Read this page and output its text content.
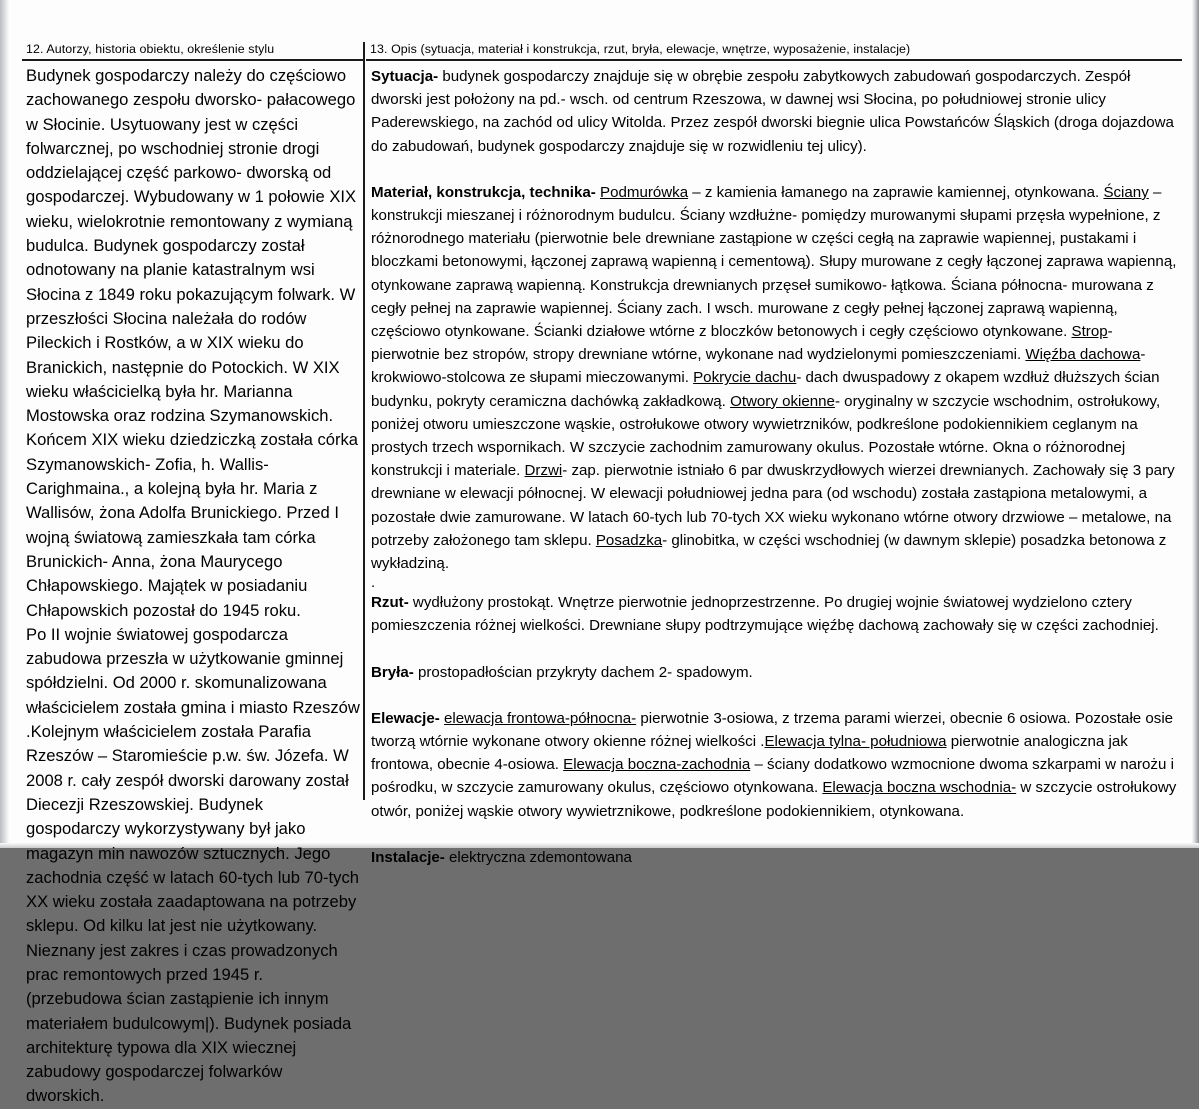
12. Autorzy, historia obiektu, określenie stylu

Budynek gospodarczy należy do częściowo zachowanego zespołu dworsko- pałacowego w Słocinie. Usytuowany jest w części folwarcznej, po wschodniej stronie drogi oddzielającej część parkowo- dworską od gospodarczej. Wybudowany w 1 połowie XIX wieku, wielokrotnie remontowany z wymianą budulca. Budynek gospodarczy został odnotowany na planie katastralnym wsi Słocina z 1849 roku pokazującym folwark. W przeszłości Słocina należała do rodów Pileckich i Rostków, a w XIX wieku do Branickich, następnie do Potockich. W XIX wieku właścicielką była hr. Marianna Mostowska oraz rodzina Szymanowskich. Końcem XIX wieku dziedziczką została córka Szymanowskich- Zofia, h. Wallis-Carighmaina., a kolejną była hr. Maria z Wallisów, żona Adolfa Brunickiego. Przed I wojną światową zamieszkała tam córka Brunickich- Anna, żona Maurycego Chłapowskiego. Majątek w posiadaniu Chłapowskich pozostał do 1945 roku.

Po II wojnie światowej gospodarcza zabudowa przeszła w użytkowanie gminnej spółdzielni. Od 2000 r. skomunalizowana właścicielem została gmina i miasto Rzeszów .Kolejnym właścicielem została Parafia Rzeszów – Staromieście p.w. św. Józefa. W 2008 r. cały zespół dworski darowany został Diecezji Rzeszowskiej. Budynek gospodarczy wykorzystywany był jako magazyn min nawozów sztucznych. Jego zachodnia część w latach 60-tych lub 70-tych XX wieku została zaadaptowana na potrzeby sklepu. Od kilku lat jest nie użytkowany. Nieznany jest zakres i czas prowadzonych prac remontowych przed 1945 r. (przebudowa ścian zastąpienie ich innym materiałem budulcowym|). Budynek posiada architekturę typowa dla XIX wiecznej zabudowy gospodarczej folwarków dworskich.

13. Opis (sytuacja, materiał i konstrukcja, rzut, bryła, elewacje, wnętrze, wyposażenie, instalacje)

Sytuacja- budynek gospodarczy znajduje się w obrębie zespołu zabytkowych zabudowań gospodarczych. Zespół dworski jest położony na pd.- wsch. od centrum Rzeszowa, w dawnej wsi Słocina, po południowej stronie ulicy Paderewskiego, na zachód od ulicy Witolda. Przez zespół dworski biegnie ulica Powstańców Śląskich (droga dojazdowa do zabudowań, budynek gospodarczy znajduje się w rozwidleniu tej ulicy).

Materiał, konstrukcja, technika- Podmurówka – z kamienia łamanego na zaprawie kamiennej, otynkowana. Ściany – konstrukcji mieszanej i różnorodnym budulcu. Ściany wzdłużne- pomiędzy murowanymi słupami przęsła wypełnione, z różnorodnego materiału (pierwotnie bele drewniane zastąpione w części cegłą na zaprawie wapiennej, pustakami i bloczkami betonowymi, łączonej zaprawą wapienną i cementową). Słupy murowane z cegły łączonej zaprawa wapienną, otynkowane zaprawą wapienną. Konstrukcja drewnianych przęseł sumikowo- łątkowa. Ściana północna- murowana z cegły pełnej na zaprawie wapiennej. Ściany zach. I wsch. murowane z cegły pełnej łączonej zaprawą wapienną, częściowo otynkowane. Ścianki działowe wtórne z bloczków betonowych i cegły częściowo otynkowane. Strop- pierwotnie bez stropów, stropy drewniane wtórne, wykonane nad wydzielonymi pomieszczeniami. Więźba dachowa-krokwiowo-stolcowa ze słupami mieczowanymi. Pokrycie dachu- dach dwuspadowy z okapem wzdłuż dłuższych ścian budynku, pokryty ceramiczna dachówką zakładkową. Otwory okienne- oryginalny w szczycie wschodnim, ostrołukowy, poniżej otworu umieszczone wąskie, ostrołukowe otwory wywietrzników, podkreślone podokiennikiem ceglanym na prostych trzech wspornikach. W szczycie zachodnim zamurowany okulus. Pozostałe wtórne. Okna o różnorodnej konstrukcji i materiale. Drzwi- zap. pierwotnie istniało 6 par dwuskrzydłowych wierzei drewnianych. Zachowały się 3 pary drewniane w elewacji północnej. W elewacji południowej jedna para (od wschodu) została zastąpiona metalowymi, a pozostałe dwie zamurowane. W latach 60-tych lub 70-tych XX wieku wykonano wtórne otwory drzwiowe – metalowe, na potrzeby założonego tam sklepu. Posadzka- glinobitka, w części wschodniej (w dawnym sklepie) posadzka betonowa z wykładziną.

.

Rzut- wydłużony prostokąt. Wnętrze pierwotnie jednoprzestrzenne. Po drugiej wojnie światowej wydzielono cztery pomieszczenia różnej wielkości. Drewniane słupy podtrzymujące więźbę dachową zachowały się w części zachodniej.

Bryła- prostopadłościan przykryty dachem 2- spadowym.

Elewacje- elewacja frontowa-północna- pierwotnie 3-osiowa, z trzema parami wierzei, obecnie 6 osiowa. Pozostałe osie tworzą wtórnie wykonane otwory okienne różnej wielkości .Elewacja tylna- południowa pierwotnie analogiczna jak frontowa, obecnie 4-osiowa. Elewacja boczna-zachodnia – ściany dodatkowo wzmocnione dwoma szkarpami w narożu i pośrodku, w szczycie zamurowany okulus, częściowo otynkowana. Elewacja boczna wschodnia- w szczycie ostrołukowy otwór, poniżej wąskie otwory wywietrznikowe, podkreślone podokiennikiem, otynkowana.

Instalacje- elektryczna zdemontowana
